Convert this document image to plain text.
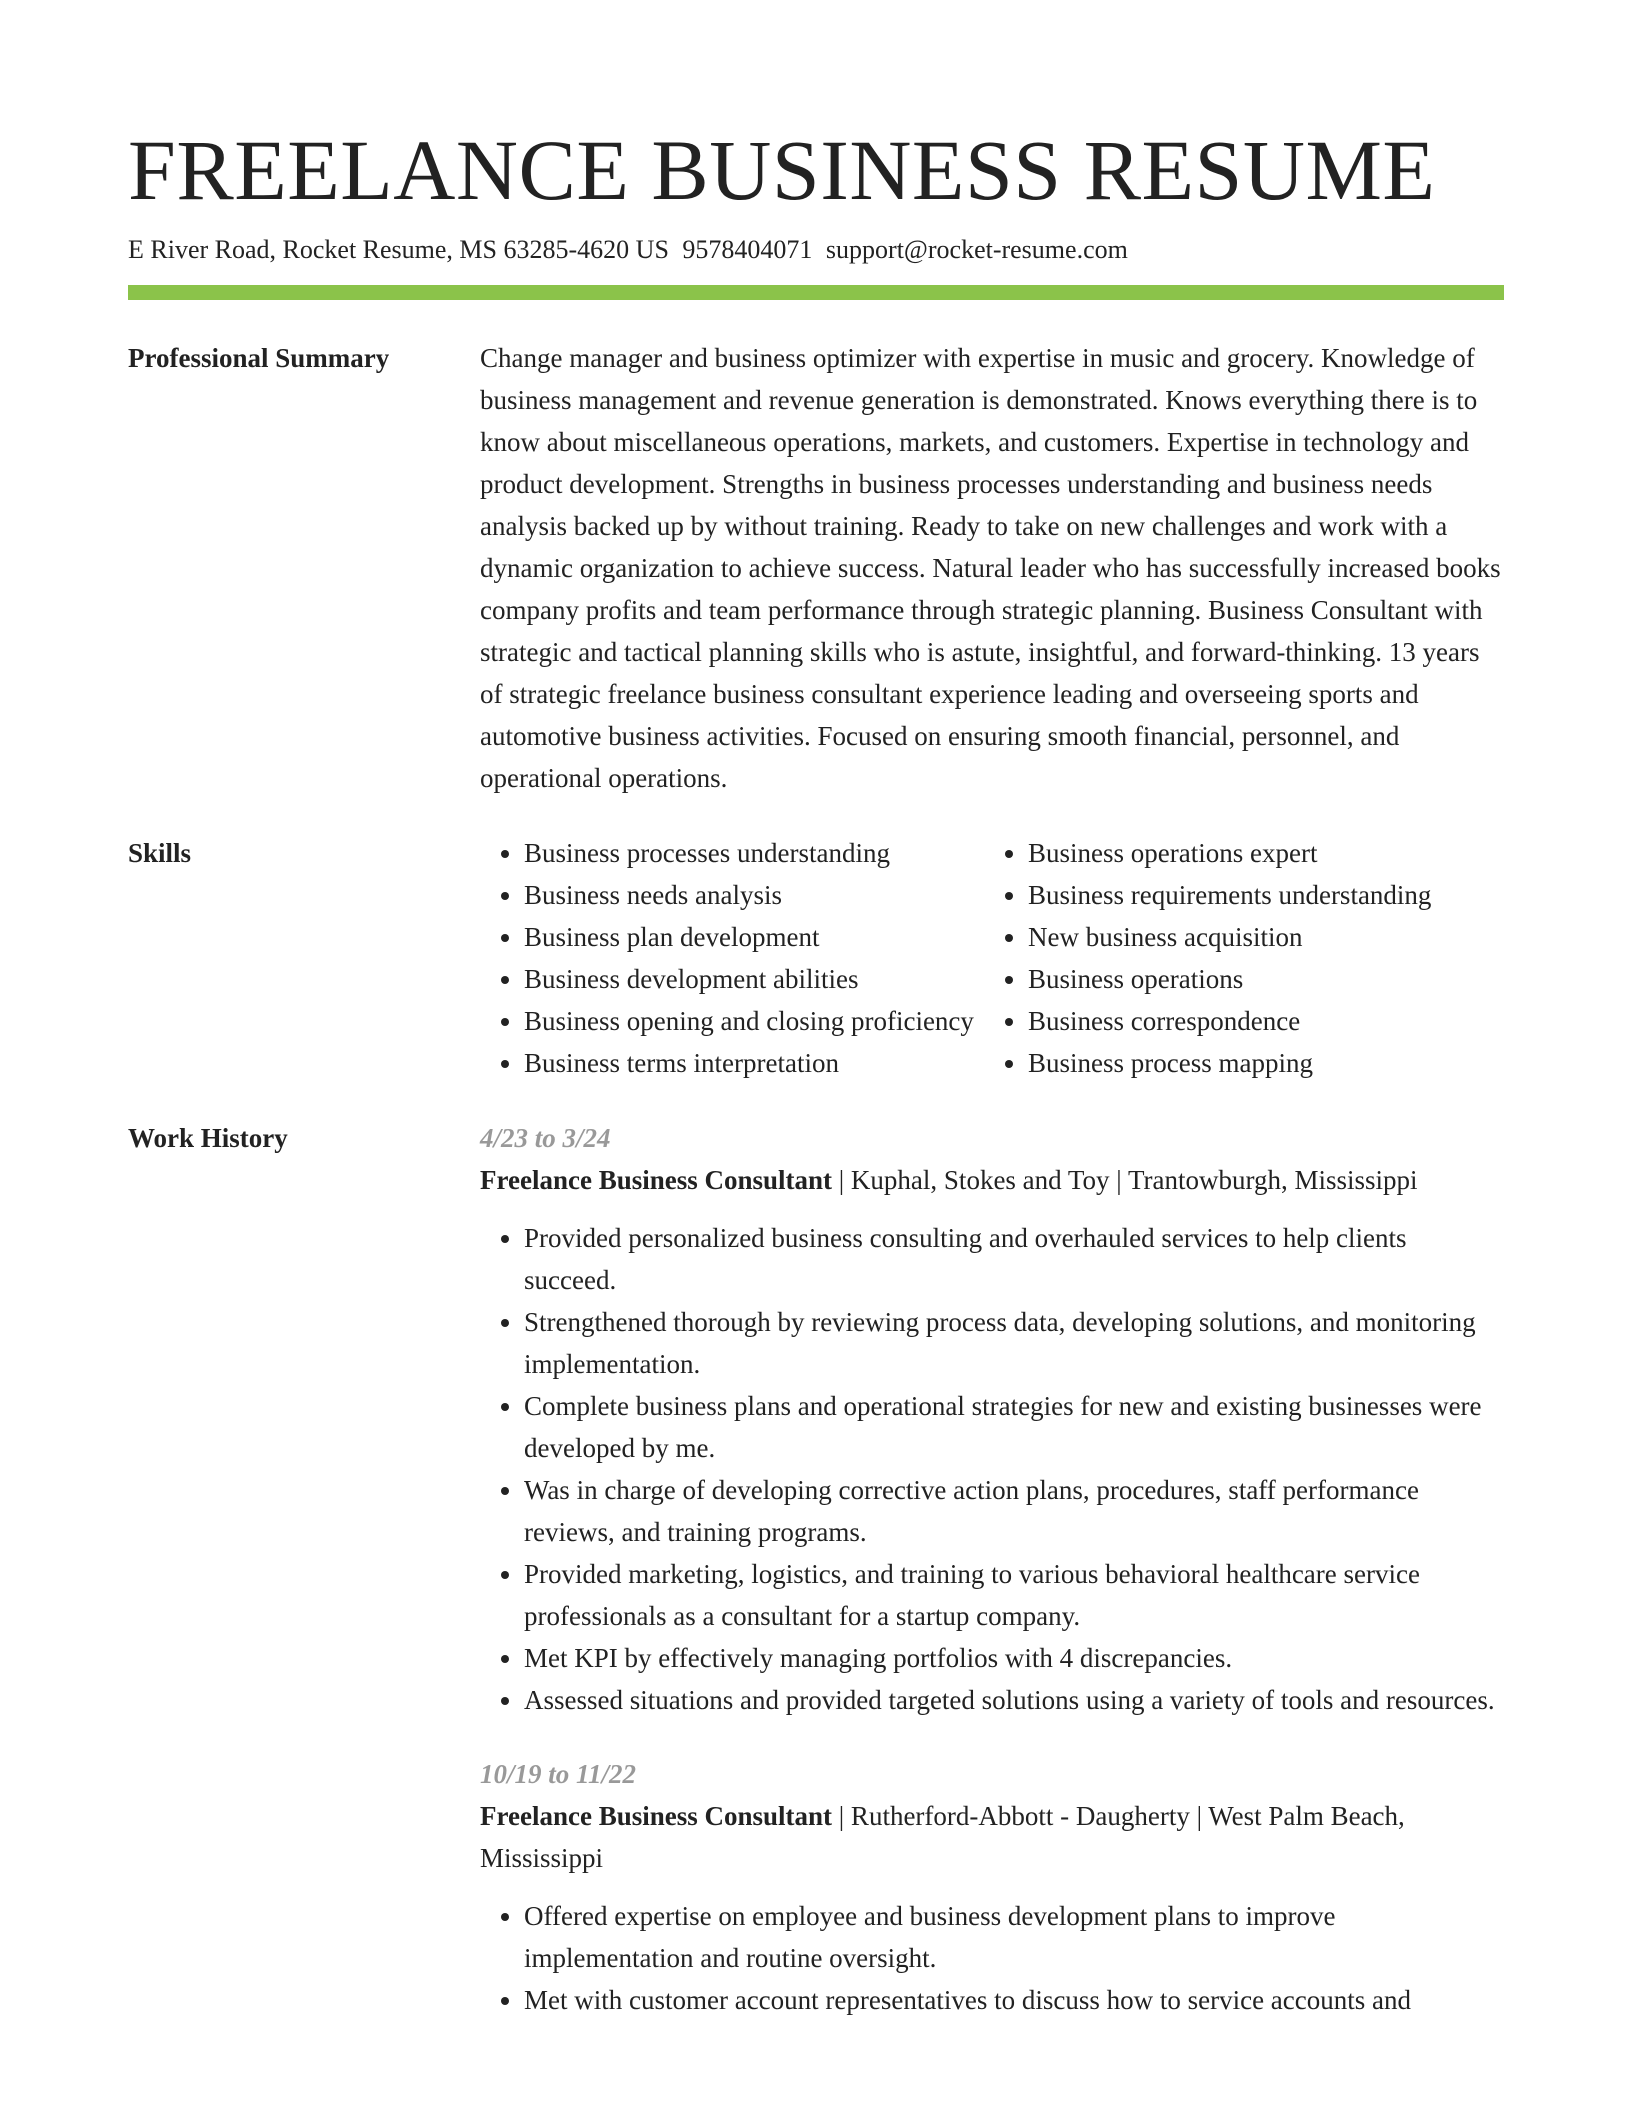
FREELANCE BUSINESS RESUME
E River Road, Rocket Resume, MS 63285-4620 US 9578404071 support@rocket-resume.com
Professional Summary	Change manager and business optimizer with expertise in music and grocery. Knowledge of business management and revenue generation is demonstrated. Knows everything there is to know about miscellaneous operations, markets, and customers. Expertise in technology and product development. Strengths in business processes understanding and business needs analysis backed up by without training. Ready to take on new challenges and work with a dynamic organization to achieve success. Natural leader who has successfully increased books company profits and team performance through strategic planning. Business Consultant with strategic and tactical planning skills who is astute, insightful, and forward-thinking. 13 years of strategic freelance business consultant experience leading and overseeing sports and automotive business activities. Focused on ensuring smooth financial, personnel, and operational operations.

Skills
•	Business processes understanding
• Business needs analysis
• Business plan development
• Business development abilities
• Business opening and closing proficiency
• Business terms interpretation
• Business operations expert
• Business requirements understanding
• New business acquisition
• Business operations
• Business correspondence
• Business process mapping
Work History	4/23 to 3/24
Freelance Business Consultant | Kuphal, Stokes and Toy | Trantowburgh, Mississippi
• Provided personalized business consulting and overhauled services to help clients succeed.
• Strengthened thorough by reviewing process data, developing solutions, and monitoring implementation.
• Complete business plans and operational strategies for new and existing businesses were developed by me.
• Was in charge of developing corrective action plans, procedures, staff performance reviews, and training programs.
• Provided marketing, logistics, and training to various behavioral healthcare service professionals as a consultant for a startup company.
• Met KPI by effectively managing portfolios with 4 discrepancies.
• Assessed situations and provided targeted solutions using a variety of tools and resources.
10/19 to 11/22
Freelance Business Consultant | Rutherford-Abbott - Daugherty | West Palm Beach, Mississippi
• Offered expertise on employee and business development plans to improve implementation and routine oversight.
• Met with customer account representatives to discuss how to service accounts and
